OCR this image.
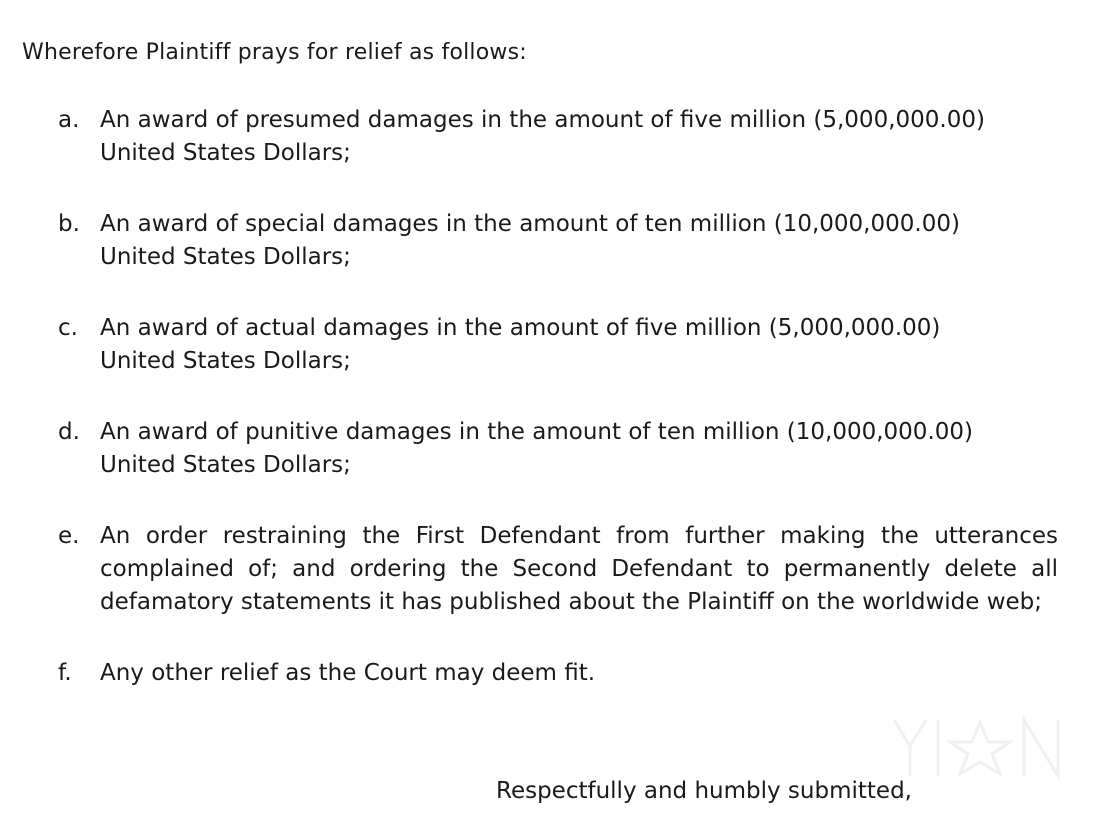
Wherefore Plaintiff prays for relief as follows:
a. An award of presumed damages in the amount of five million (5,000,000.00)
United States Dollars;
b. An award of special damages in the amount of ten million (10,000,000.00)
United States Dollars;
c. An award of actual damages in the amount of five million (5,000,000.00)
United States Dollars;
d. An award of punitive damages in the amount of ten million (10,000,000.00)
United States Dollars;
e. An order restraining the First Defendant from further making the utterances complained of; and ordering the Second Defendant to permanently delete all defamatory statements it has published about the Plaintiff on the worldwide web;
f.	Any other relief as the Court may deem fit.
Respectfully and humbly submitted,
